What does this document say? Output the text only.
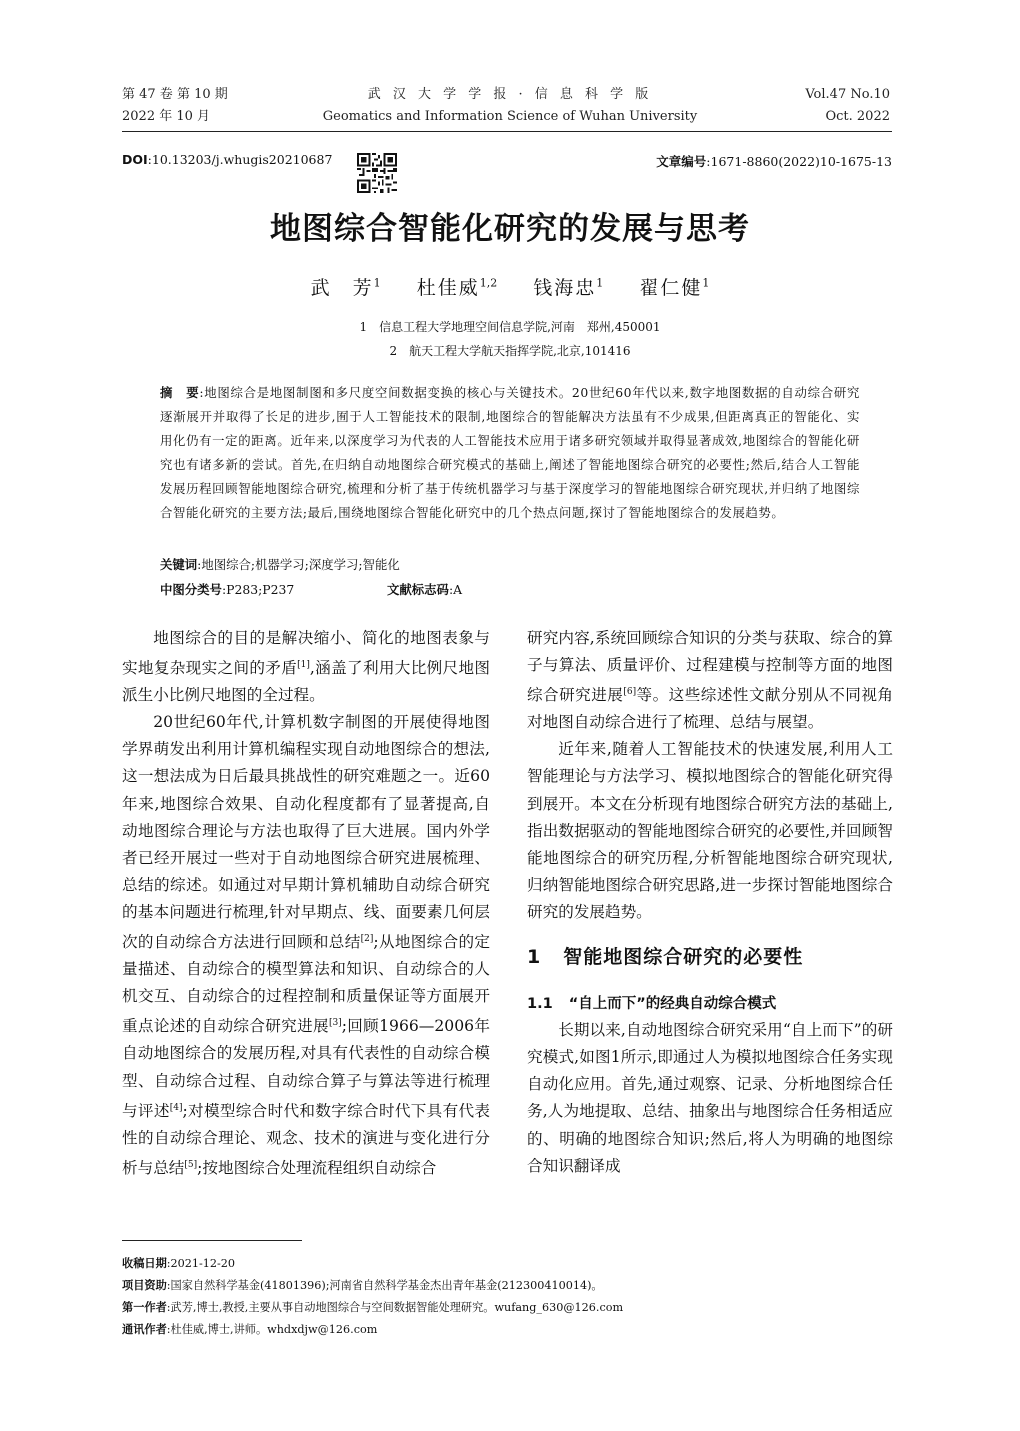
第 47 卷 第 10 期
2022 年 10 月
武 汉 大 学 学 报 · 信 息 科 学 版
Geomatics and Information Science of Wuhan University
Vol.47 No.10
Oct. 2022
DOI:10.13203/j.whugis20210687	文章编号:1671-8860(2022)10-1675-13
地图综合智能化研究的发展与思考
武　芳$^1$ 杜佳威$^{1,2}$ 钱海忠$^1$ 翟仁健$^1$
1　信息工程大学地理空间信息学院,河南　郑州,450001
2　航天工程大学航天指挥学院,北京,101416
摘　要:地图综合是地图制图和多尺度空间数据变换的核心与关键技术。20世纪60年代以来,数字地图数据的自动综合研究逐渐展开并取得了长足的进步,囿于人工智能技术的限制,地图综合的智能解决方法虽有不少成果,但距离真正的智能化、实用化仍有一定的距离。近年来,以深度学习为代表的人工智能技术应用于诸多研究领域并取得显著成效,地图综合的智能化研究也有诸多新的尝试。首先,在归纳自动地图综合研究模式的基础上,阐述了智能地图综合研究的必要性;然后,结合人工智能发展历程回顾智能地图综合研究,梳理和分析了基于传统机器学习与基于深度学习的智能地图综合研究现状,并归纳了地图综合智能化研究的主要方法;最后,围绕地图综合智能化研究中的几个热点问题,探讨了智能地图综合的发展趋势。
关键词:地图综合;机器学习;深度学习;智能化
中图分类号:P283;P237	文献标志码:A

地图综合的目的是解决缩小、简化的地图表象与实地复杂现实之间的矛盾[1],涵盖了利用大比例尺地图派生小比例尺地图的全过程。

20世纪60年代,计算机数字制图的开展使得地图学界萌发出利用计算机编程实现自动地图综合的想法,这一想法成为日后最具挑战性的研究难题之一。近60年来,地图综合效果、自动化程度都有了显著提高,自动地图综合理论与方法也取得了巨大进展。国内外学者已经开展过一些对于自动地图综合研究进展梳理、总结的综述。如通过对早期计算机辅助自动综合研究的基本问题进行梳理,针对早期点、线、面要素几何层次的自动综合方法进行回顾和总结[2];从地图综合的定量描述、自动综合的模型算法和知识、自动综合的人机交互、自动综合的过程控制和质量保证等方面展开重点论述的自动综合研究进展[3];回顾1966—2006年自动地图综合的发展历程,对具有代表性的自动综合模型、自动综合过程、自动综合算子与算法等进行梳理与评述[4];对模型综合时代和数字综合时代下具有代表性的自动综合理论、观念、技术的演进与变化进行分析与总结[5];按地图综合处理流程组织自动综合

研究内容,系统回顾综合知识的分类与获取、综合的算子与算法、质量评价、过程建模与控制等方面的地图综合研究进展[6]等。这些综述性文献分别从不同视角对地图自动综合进行了梳理、总结与展望。

近年来,随着人工智能技术的快速发展,利用人工智能理论与方法学习、模拟地图综合的智能化研究得到展开。本文在分析现有地图综合研究方法的基础上,指出数据驱动的智能地图综合研究的必要性,并回顾智能地图综合的研究历程,分析智能地图综合研究现状,归纳智能地图综合研究思路,进一步探讨智能地图综合研究的发展趋势。

1 智能地图综合研究的必要性

1.1 “自上而下”的经典自动综合模式

长期以来,自动地图综合研究采用“自上而下”的研究模式,如图1所示,即通过人为模拟地图综合任务实现自动化应用。首先,通过观察、记录、分析地图综合任务,人为地提取、总结、抽象出与地图综合任务相适应的、明确的地图综合知识;然后,将人为明确的地图综合知识翻译成

收稿日期:2021-12-20
项目资助:国家自然科学基金(41801396);河南省自然科学基金杰出青年基金(212300410014)。
第一作者:武芳,博士,教授,主要从事自动地图综合与空间数据智能处理研究。wufang_630@126.com
通讯作者:杜佳威,博士,讲师。whdxdjw@126.com
